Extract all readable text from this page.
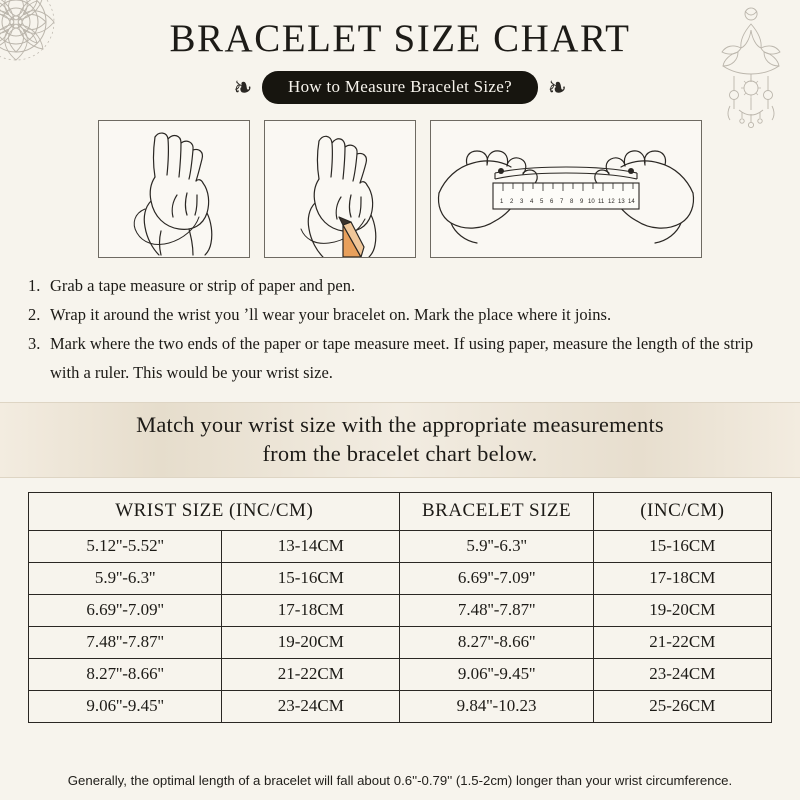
BRACELET SIZE CHART
❧	How to Measure Bracelet Size?	❧
1 2 3 4 5 6 7 8 9 10 11 12 13 14
1. Grab a tape measure or strip of paper and pen.
2. Wrap it around the wrist you ʼll wear your bracelet on. Mark the place where it joins.
3. Mark where the two ends of the paper or tape measure meet. If using paper, measure the length of the strip with a ruler. This would be your wrist size.
Match your wrist size with the appropriate measurements
from the bracelet chart below.
WRIST SIZE (INC/CM)		BRACELET SIZE	(INC/CM)
5.12''-5.52''	13-14CM	5.9''-6.3''	15-16CM
5.9''-6.3''	15-16CM	6.69''-7.09''	17-18CM
6.69''-7.09''	17-18CM	7.48''-7.87''	19-20CM
7.48''-7.87''	19-20CM	8.27''-8.66''	21-22CM
8.27''-8.66''	21-22CM	9.06''-9.45''	23-24CM
9.06''-9.45''	23-24CM	9.84''-10.23	25-26CM
Generally, the optimal length of a bracelet will fall about 0.6''-0.79'' (1.5-2cm) longer than your wrist circumference.
